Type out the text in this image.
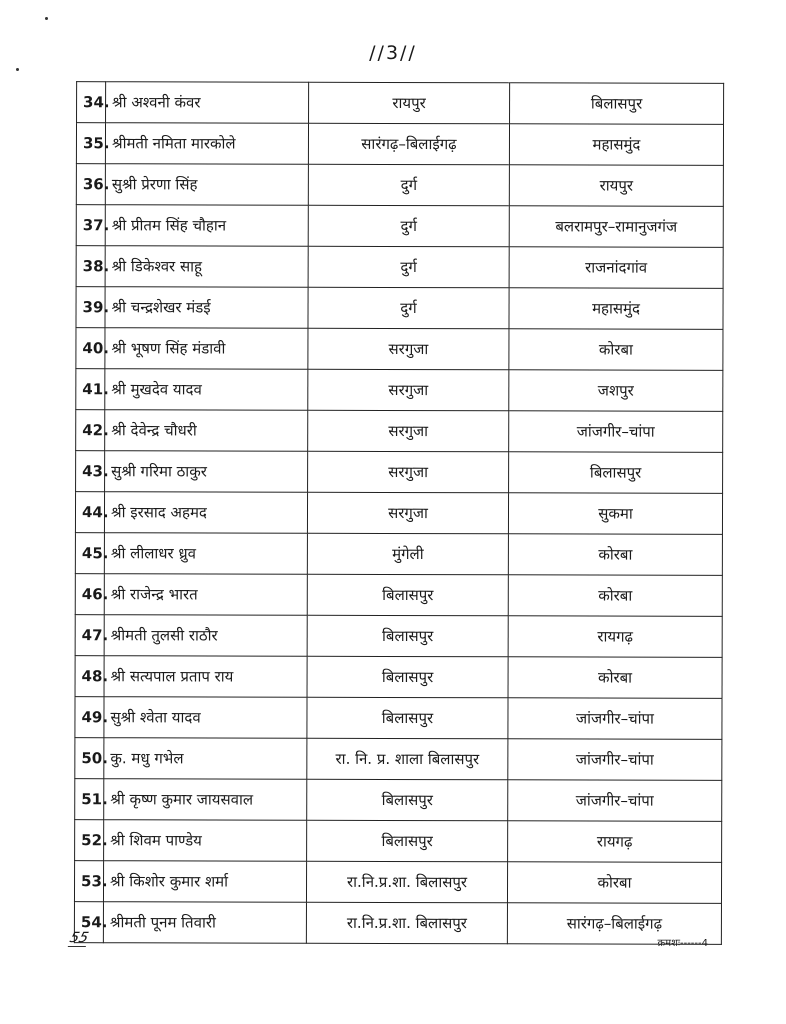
//3//
34.	श्री अश्वनी कंवर	रायपुर	बिलासपुर
35.	श्रीमती नमिता मारकोले	सारंगढ़–बिलाईगढ़	महासमुंद
36.	सुश्री प्रेरणा सिंह	दुर्ग	रायपुर
37.	श्री प्रीतम सिंह चौहान	दुर्ग	बलरामपुर–रामानुजगंज
38.	श्री डिकेश्वर साहू	दुर्ग	राजनांदगांव
39.	श्री चन्द्रशेखर मंडई	दुर्ग	महासमुंद
40.	श्री भूषण सिंह मंडावी	सरगुजा	कोरबा
41.	श्री मुखदेव यादव	सरगुजा	जशपुर
42.	श्री देवेन्द्र चौधरी	सरगुजा	जांजगीर–चांपा
43.	सुश्री गरिमा ठाकुर	सरगुजा	बिलासपुर
44.	श्री इरसाद अहमद	सरगुजा	सुकमा
45.	श्री लीलाधर ध्रुव	मुंगेली	कोरबा
46.	श्री राजेन्द्र भारत	बिलासपुर	कोरबा
47.	श्रीमती तुलसी राठौर	बिलासपुर	रायगढ़
48.	श्री सत्यपाल प्रताप राय	बिलासपुर	कोरबा
49.	सुश्री श्वेता यादव	बिलासपुर	जांजगीर–चांपा
50.	कु. मधु गभेल	रा. नि. प्र. शाला बिलासपुर	जांजगीर–चांपा
51.	श्री कृष्ण कुमार जायसवाल	बिलासपुर	जांजगीर–चांपा
52.	श्री शिवम पाण्डेय	बिलासपुर	रायगढ़
53.	श्री किशोर कुमार शर्मा	रा.नि.प्र.शा. बिलासपुर	कोरबा
54.	श्रीमती पूनम तिवारी	रा.नि.प्र.शा. बिलासपुर	सारंगढ़–बिलाईगढ़
55	क्रमशः------4
